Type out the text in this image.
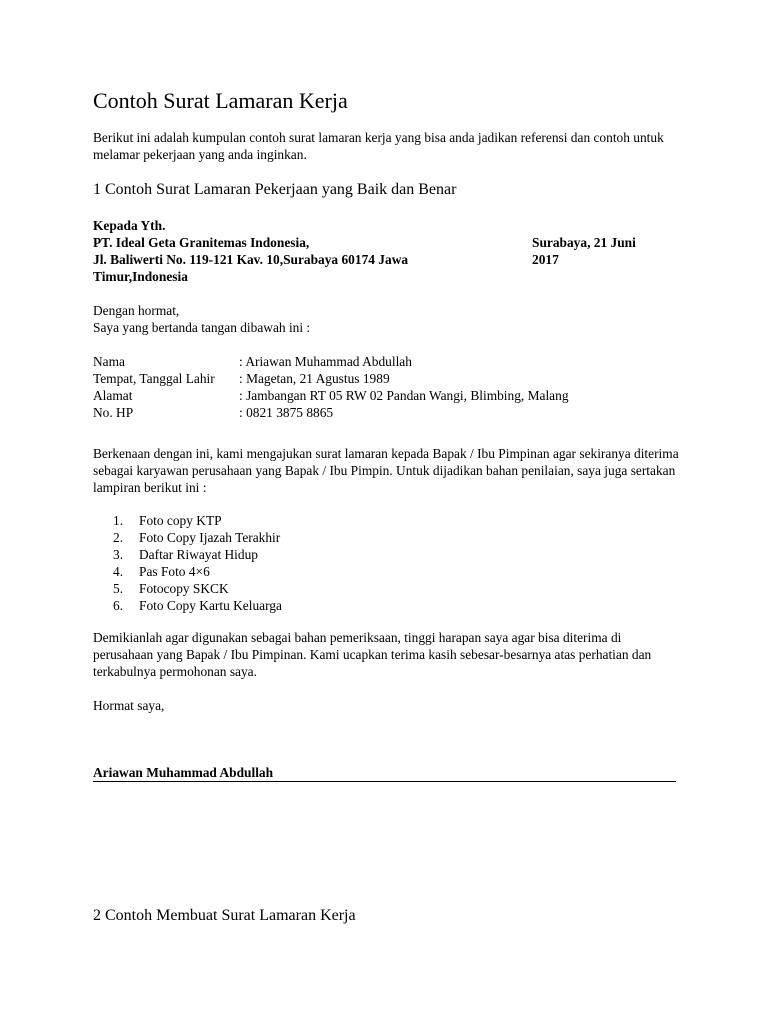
Contoh Surat Lamaran Kerja
Berikut ini adalah kumpulan contoh surat lamaran kerja yang bisa anda jadikan referensi dan contoh untuk melamar pekerjaan yang anda inginkan.
1 Contoh Surat Lamaran Pekerjaan yang Baik dan Benar
Kepada Yth.
PT. Ideal Geta Granitemas Indonesia,
Jl. Baliwerti No. 119-121 Kav. 10,Surabaya 60174 Jawa
Timur,Indonesia
Surabaya, 21 Juni
2017
Dengan hormat,
Saya yang bertanda tangan dibawah ini :
Nama	: Ariawan Muhammad Abdullah
Tempat, Tanggal Lahir	: Magetan, 21 Agustus 1989
Alamat	: Jambangan RT 05 RW 02 Pandan Wangi, Blimbing, Malang
No. HP	: 0821 3875 8865
Berkenaan dengan ini, kami mengajukan surat lamaran kepada Bapak / Ibu Pimpinan agar sekiranya diterima sebagai karyawan perusahaan yang Bapak / Ibu Pimpin. Untuk dijadikan bahan penilaian, saya juga sertakan lampiran berikut ini :
1. Foto copy KTP
2. Foto Copy Ijazah Terakhir
3. Daftar Riwayat Hidup
4. Pas Foto 4×6
5. Fotocopy SKCK
6. Foto Copy Kartu Keluarga
Demikianlah agar digunakan sebagai bahan pemeriksaan, tinggi harapan saya agar bisa diterima di perusahaan yang Bapak / Ibu Pimpinan. Kami ucapkan terima kasih sebesar-besarnya atas perhatian dan terkabulnya permohonan saya.
Hormat saya,
Ariawan Muhammad Abdullah
2 Contoh Membuat Surat Lamaran Kerja
